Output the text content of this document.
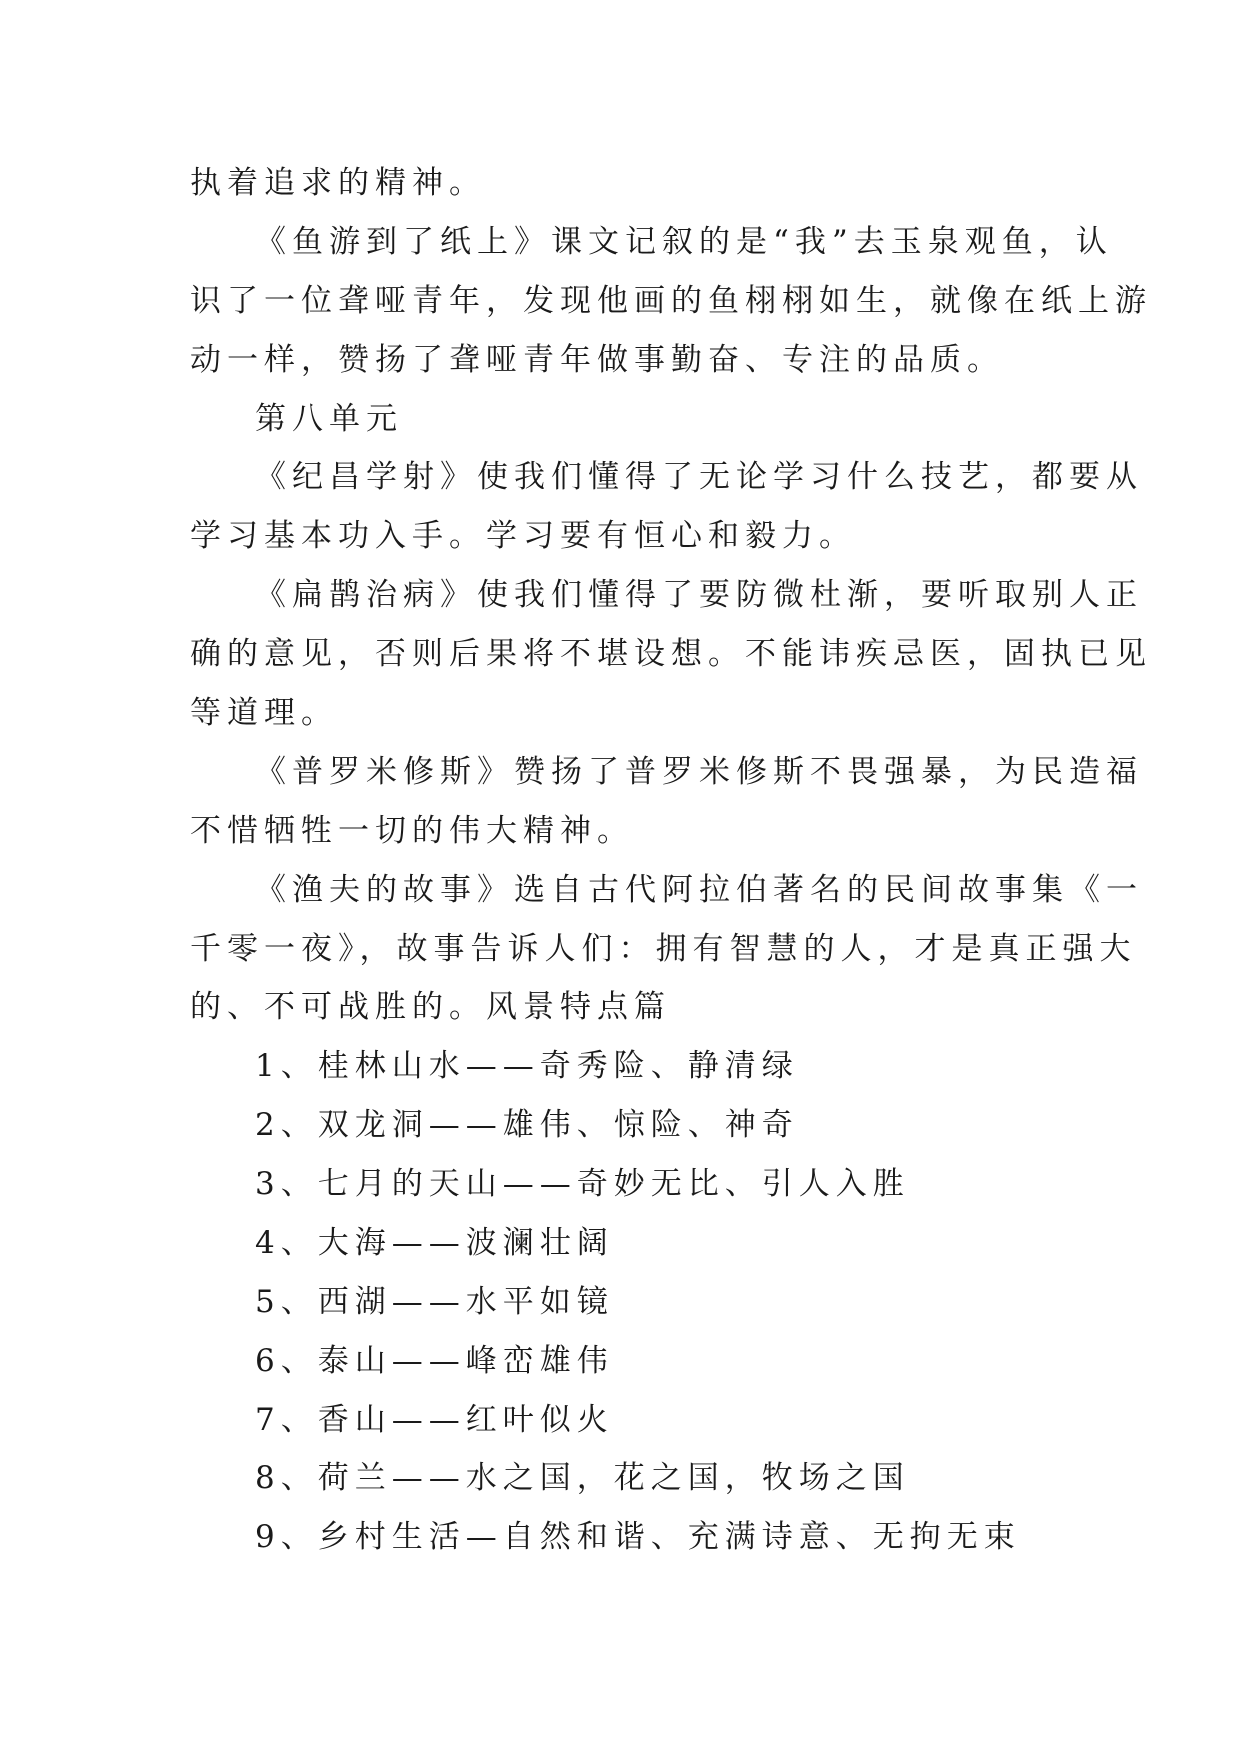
执着追求的精神。
《鱼游到了纸上》课文记叙的是“我”去玉泉观鱼，认
识了一位聋哑青年，发现他画的鱼栩栩如生，就像在纸上游
动一样，赞扬了聋哑青年做事勤奋、专注的品质。
第八单元
《纪昌学射》使我们懂得了无论学习什么技艺，都要从
学习基本功入手。学习要有恒心和毅力。
《扁鹊治病》使我们懂得了要防微杜渐，要听取别人正
确的意见，否则后果将不堪设想。不能讳疾忌医，固执已见
等道理。
《普罗米修斯》赞扬了普罗米修斯不畏强暴，为民造福
不惜牺牲一切的伟大精神。
《渔夫的故事》选自古代阿拉伯著名的民间故事集《一
千零一夜》，故事告诉人们：拥有智慧的人，才是真正强大
的、不可战胜的。风景特点篇
1、桂林山水——奇秀险、静清绿
2、双龙洞——雄伟、惊险、神奇
3、七月的天山——奇妙无比、引人入胜
4、大海——波澜壮阔
5、西湖——水平如镜
6、泰山——峰峦雄伟
7、香山——红叶似火
8、荷兰——水之国，花之国，牧场之国
9、乡村生活—自然和谐、充满诗意、无拘无束
